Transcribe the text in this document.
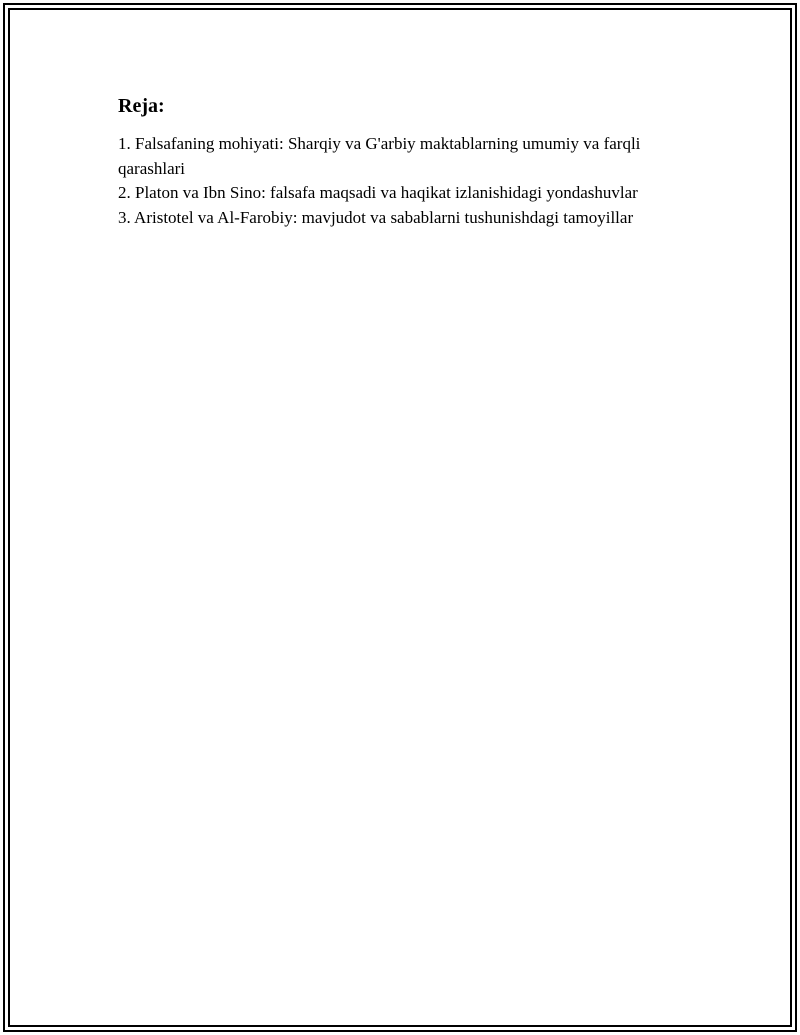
Reja:
1. Falsafaning mohiyati: Sharqiy va G'arbiy maktablarning umumiy va farqli qarashlari
2. Platon va Ibn Sino: falsafa maqsadi va haqikat izlanishidagi yondashuvlar
3. Aristotel va Al-Farobiy: mavjudot va sabablarni tushunishdagi tamoyillar
